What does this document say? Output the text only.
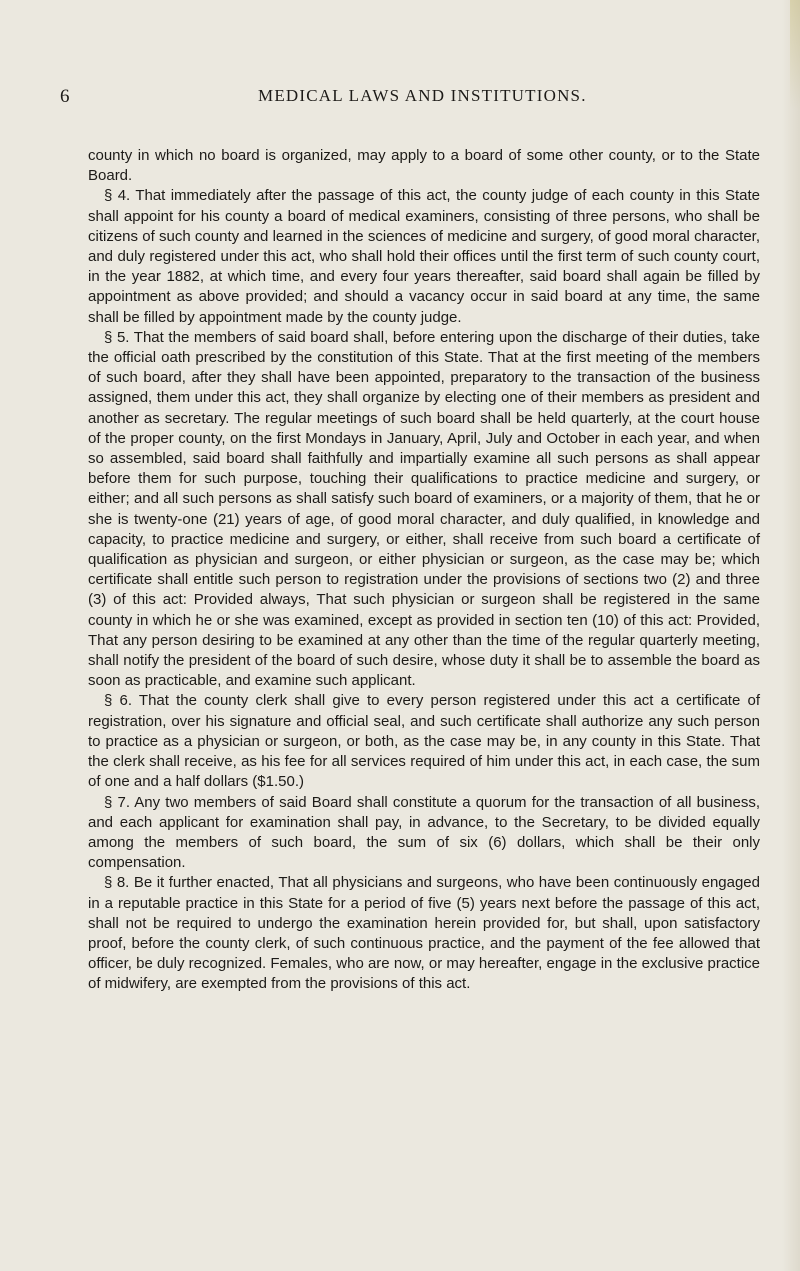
6	MEDICAL LAWS AND INSTITUTIONS.

county in which no board is organized, may apply to a board of some other county, or to the State Board.

§ 4. That immediately after the passage of this act, the county judge of each county in this State shall appoint for his county a board of medical examiners, consisting of three persons, who shall be citizens of such county and learned in the sciences of medicine and surgery, of good moral character, and duly registered under this act, who shall hold their offices until the first term of such county court, in the year 1882, at which time, and every four years thereafter, said board shall again be filled by appointment as above provided; and should a vacancy occur in said board at any time, the same shall be filled by appointment made by the county judge.

§ 5. That the members of said board shall, before entering upon the discharge of their duties, take the official oath prescribed by the constitution of this State. That at the first meeting of the members of such board, after they shall have been appointed, preparatory to the transaction of the business assigned, them under this act, they shall organize by electing one of their members as president and another as secretary. The regular meetings of such board shall be held quarterly, at the court house of the proper county, on the first Mondays in January, April, July and October in each year, and when so assembled, said board shall faithfully and impartially examine all such persons as shall appear before them for such purpose, touching their qualifications to practice medicine and surgery, or either; and all such persons as shall satisfy such board of examiners, or a majority of them, that he or she is twenty-one (21) years of age, of good moral character, and duly qualified, in knowledge and capacity, to practice medicine and surgery, or either, shall receive from such board a certificate of qualification as physician and surgeon, or either physician or surgeon, as the case may be; which certificate shall entitle such person to registration under the provisions of sections two (2) and three (3) of this act: Provided always, That such physician or surgeon shall be registered in the same county in which he or she was examined, except as provided in section ten (10) of this act: Provided, That any person desiring to be examined at any other than the time of the regular quarterly meeting, shall notify the president of the board of such desire, whose duty it shall be to assemble the board as soon as practicable, and examine such applicant.

§ 6. That the county clerk shall give to every person registered under this act a certificate of registration, over his signature and official seal, and such certificate shall authorize any such person to practice as a physician or surgeon, or both, as the case may be, in any county in this State. That the clerk shall receive, as his fee for all services required of him under this act, in each case, the sum of one and a half dollars ($1.50.)

§ 7. Any two members of said Board shall constitute a quorum for the transaction of all business, and each applicant for examination shall pay, in advance, to the Secretary, to be divided equally among the members of such board, the sum of six (6) dollars, which shall be their only compensation.

§ 8. Be it further enacted, That all physicians and surgeons, who have been continuously engaged in a reputable practice in this State for a period of five (5) years next before the passage of this act, shall not be required to undergo the examination herein provided for, but shall, upon satisfactory proof, before the county clerk, of such continuous practice, and the payment of the fee allowed that officer, be duly recognized. Females, who are now, or may hereafter, engage in the exclusive practice of midwifery, are exempted from the provisions of this act.
